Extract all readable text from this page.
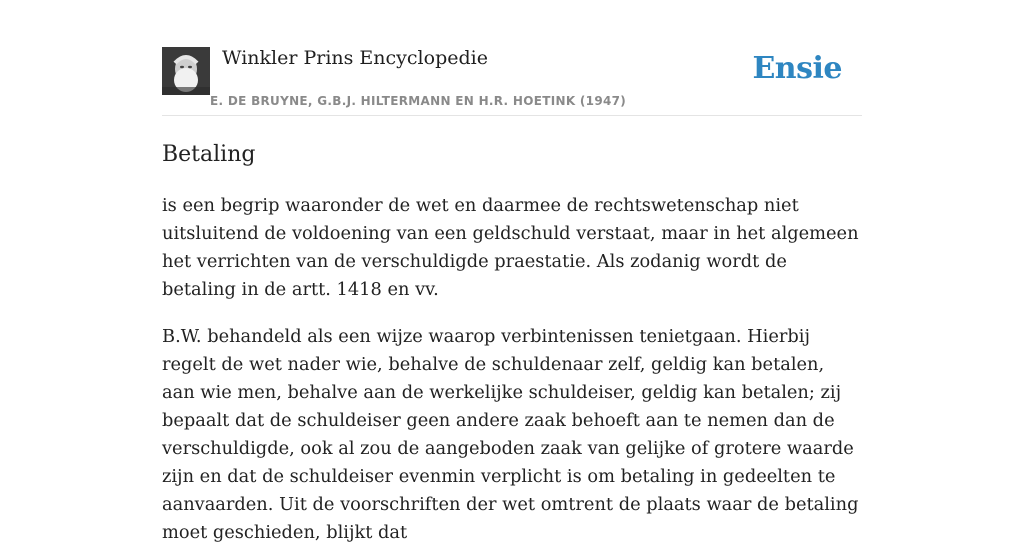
Winkler Prins Encyclopedie	Ensie
E. DE BRUYNE, G.B.J. HILTERMANN EN H.R. HOETINK (1947)
Betaling

is een begrip waaronder de wet en daarmee de rechtswetenschap niet uitsluitend de voldoening van een geldschuld verstaat, maar in het algemeen het verrichten van de verschuldigde praestatie. Als zodanig wordt de betaling in de artt. 1418 en vv.

B.W. behandeld als een wijze waarop verbintenissen tenietgaan. Hierbij regelt de wet nader wie, behalve de schuldenaar zelf, geldig kan betalen, aan wie men, behalve aan de werkelijke schuldeiser, geldig kan betalen; zij bepaalt dat de schuldeiser geen andere zaak behoeft aan te nemen dan de verschuldigde, ook al zou de aangeboden zaak van gelijke of grotere waarde zijn en dat de schuldeiser evenmin verplicht is om betaling in gedeelten te aanvaarden. Uit de voorschriften der wet omtrent de plaats waar de betaling moet geschieden, blijkt dat
